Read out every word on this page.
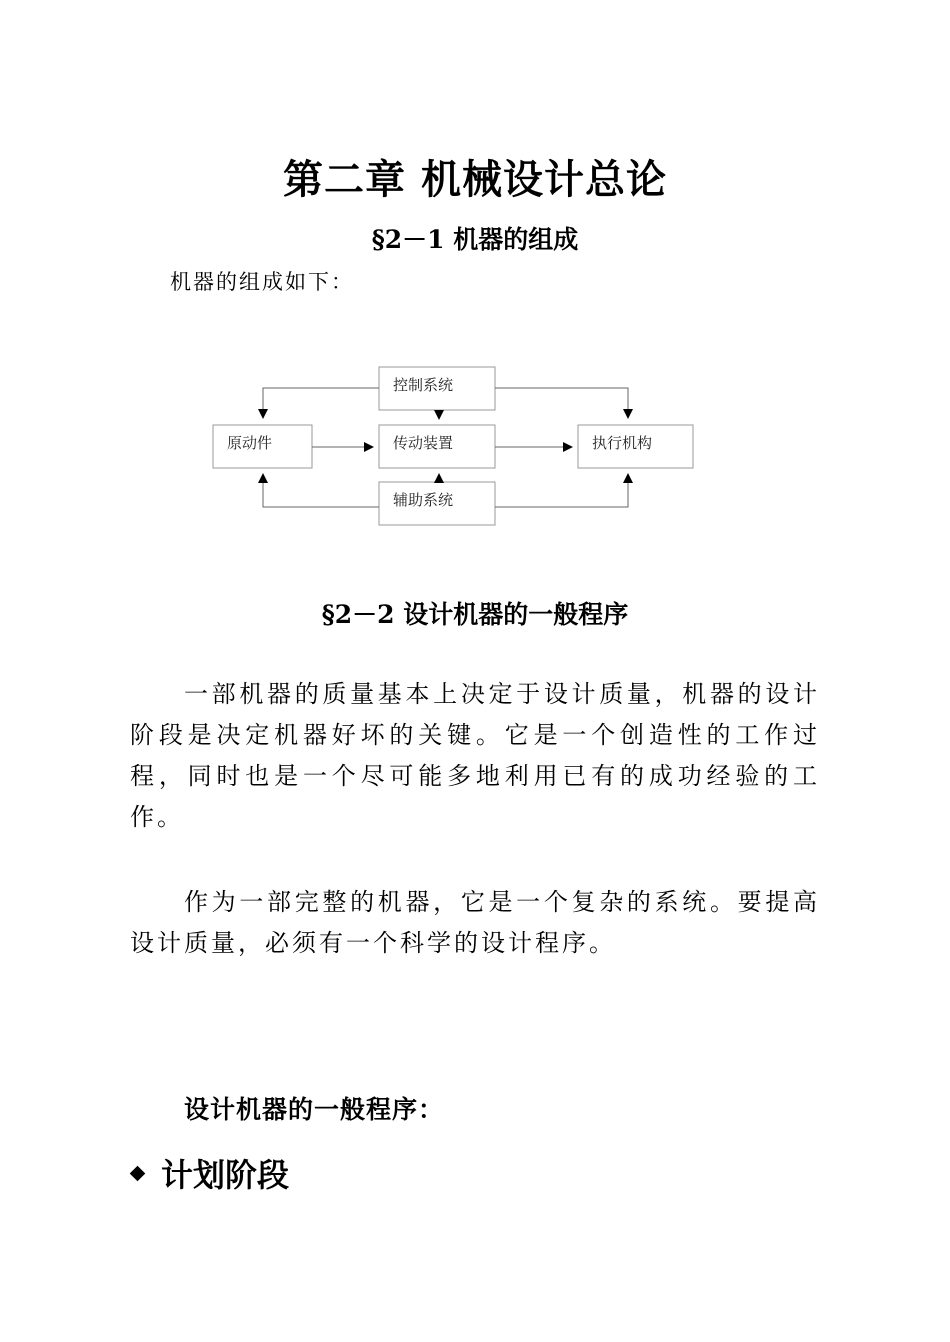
第二章 机械设计总论
§2－1 机器的组成
机器的组成如下：
控制系统
原动件	传动装置	执行机构
辅助系统
§2－2 设计机器的一般程序
一部机器的质量基本上决定于设计质量，机器的设计阶段是决定机器好坏的关键。它是一个创造性的工作过程，同时也是一个尽可能多地利用已有的成功经验的工作。
作为一部完整的机器，它是一个复杂的系统。要提高设计质量，必须有一个科学的设计程序。
设计机器的一般程序：
计划阶段
